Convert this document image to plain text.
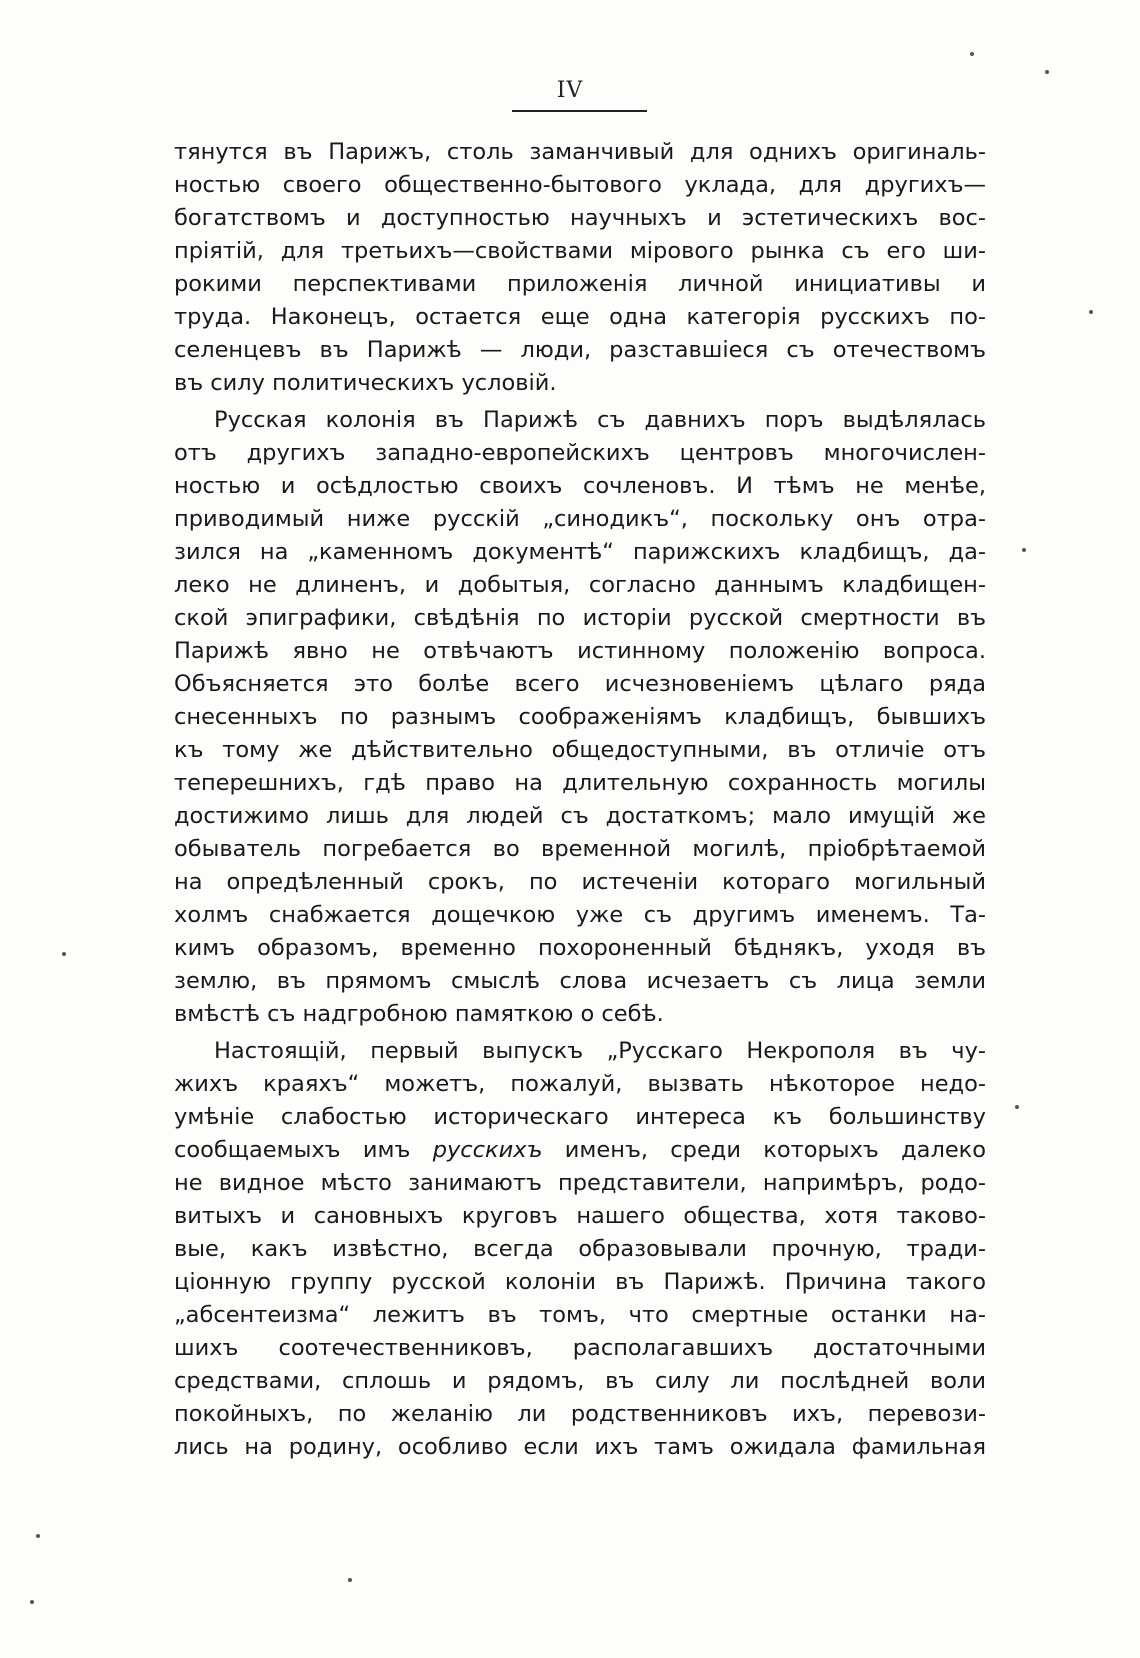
IV
тянутся въ Парижъ, столь заманчивый для однихъ оригиналь-
ностью своего общественно-бытового уклада, для другихъ—
богатствомъ и доступностью научныхъ и эстетическихъ вос-
пріятій, для третьихъ—свойствами мірового рынка съ его ши-
рокими перспективами приложенія личной инициативы и
труда. Наконецъ, остается еще одна категорія русскихъ по-
селенцевъ въ Парижѣ — люди, разставшіеся съ отечествомъ
въ силу политическихъ условій.
Русская колонія въ Парижѣ съ давнихъ поръ выдѣлялась
отъ другихъ западно-европейскихъ центровъ многочислен-
ностью и осѣдлостью своихъ сочленовъ. И тѣмъ не менѣе,
приводимый ниже русскій „синодикъ“, поскольку онъ отра-
зился на „каменномъ документѣ“ парижскихъ кладбищъ, да-
леко не длиненъ, и добытыя, согласно даннымъ кладбищен-
ской эпиграфики, свѣдѣнія по исторіи русской смертности въ
Парижѣ явно не отвѣчаютъ истинному положенію вопроса.
Объясняется это болѣе всего исчезновеніемъ цѣлаго ряда
снесенныхъ по разнымъ соображеніямъ кладбищъ, бывшихъ
къ тому же дѣйствительно общедоступными, въ отличіе отъ
теперешнихъ, гдѣ право на длительную сохранность могилы
достижимо лишь для людей съ достаткомъ; мало имущій же
обыватель погребается во временной могилѣ, пріобрѣтаемой
на опредѣленный срокъ, по истеченіи котораго могильный
холмъ снабжается дощечкою уже съ другимъ именемъ. Та-
кимъ образомъ, временно похороненный бѣднякъ, уходя въ
землю, въ прямомъ смыслѣ слова исчезаетъ съ лица земли
вмѣстѣ съ надгробною памяткою о себѣ.
Настоящій, первый выпускъ „Русскаго Некрополя въ чу-
жихъ краяхъ“ можетъ, пожалуй, вызвать нѣкоторое недо-
умѣніе слабостью историческаго интереса къ большинству
сообщаемыхъ имъ русскихъ именъ, среди которыхъ далеко
не видное мѣсто занимаютъ представители, напримѣръ, родо-
витыхъ и сановныхъ круговъ нашего общества, хотя таково-
вые, какъ извѣстно, всегда образовывали прочную, тради-
ціонную группу русской колоніи въ Парижѣ. Причина такого
„абсентеизма“ лежитъ въ томъ, что смертные останки на-
шихъ соотечественниковъ, располагавшихъ достаточными
средствами, сплошь и рядомъ, въ силу ли послѣдней воли
покойныхъ, по желанію ли родственниковъ ихъ, перевози-
лись на родину, особливо если ихъ тамъ ожидала фамильная
